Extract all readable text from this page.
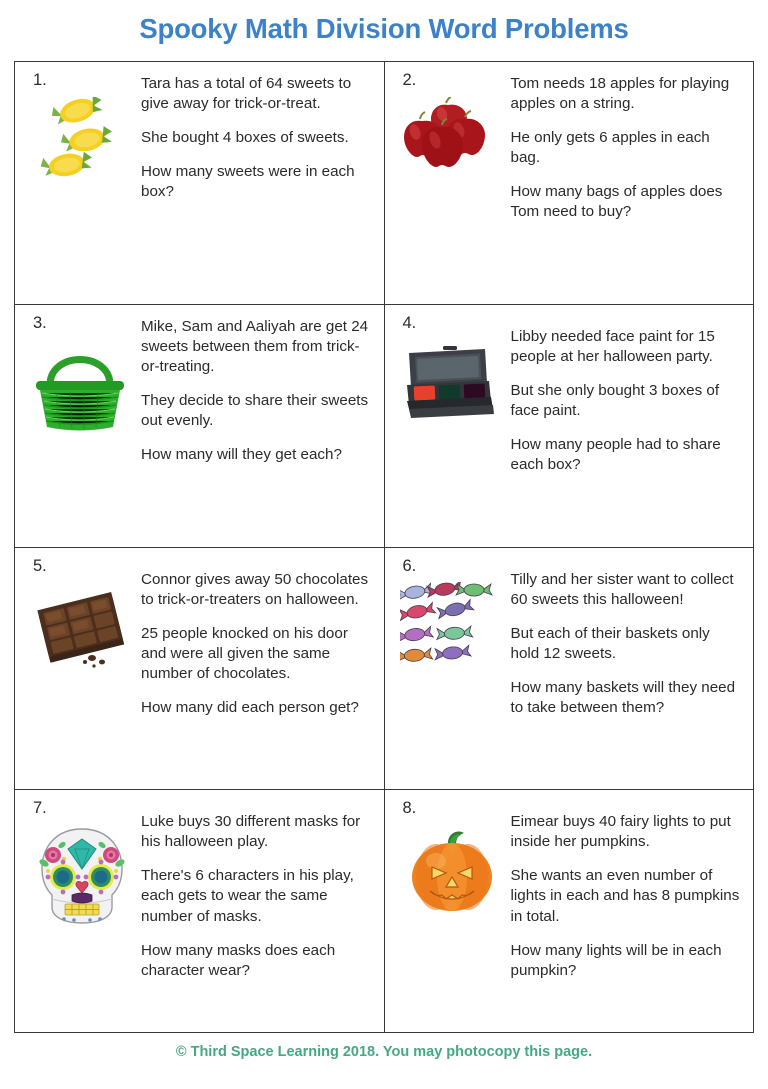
Spooky Math Division Word Problems
1.	Tara has a total of 64 sweets to give away for trick-or-treat.

She bought 4 boxes of sweets.

How many sweets were in each box?

2.	Tom needs 18 apples for playing apples on a string.

He only gets 6 apples in each bag.

How many bags of apples does Tom need to buy?

3.	Mike, Sam and Aaliyah are get 24 sweets between them from trick-or-treating.

They decide to share their sweets out evenly.

How many will they get each?

4.

Libby needed face paint for 15 people at her halloween party.

But she only bought 3 boxes of face paint.

How many people had to share each box?

5.

Connor gives away 50 chocolates to trick-or-treaters on halloween.

25 people knocked on his door and were all given the same number of chocolates.

How many did each person get?

6.

Tilly and her sister want to collect 60 sweets this halloween!

But each of their baskets only hold 12 sweets.

How many baskets will they need to take between them?

7.

Luke buys 30 different masks for his halloween play.

There's 6 characters in his play, each gets to wear the same number of masks.

How many masks does each character wear?

8.

Eimear buys 40 fairy lights to put inside her pumpkins.

She wants an even number of lights in each and has 8 pumpkins in total.

How many lights will be in each pumpkin?

© Third Space Learning 2018. You may photocopy this page.
